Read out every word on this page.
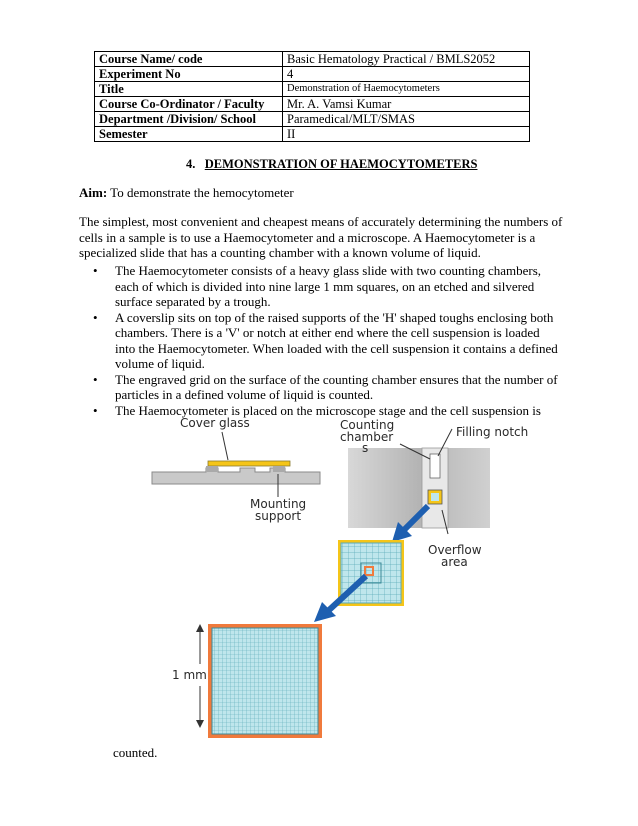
Course Name/ code	Basic Hematology Practical / BMLS2052
Experiment No	4
Title	Demonstration of Haemocytometers
Course Co-Ordinator / Faculty	Mr. A. Vamsi Kumar
Department /Division/ School	Paramedical/MLT/SMAS
Semester	II
4. DEMONSTRATION OF HAEMOCYTOMETERS
Aim: To demonstrate the hemocytometer

The simplest, most convenient and cheapest means of accurately determining the numbers of cells in a sample is to use a Haemocytometer and a microscope. A Haemocytometer is a specialized slide that has a counting chamber with a known volume of liquid.

• The Haemocytometer consists of a heavy glass slide with two counting chambers, each of which is divided into nine large 1 mm squares, on an etched and silvered surface separated by a trough.
• A coverslip sits on top of the raised supports of the 'H' shaped toughs enclosing both chambers. There is a 'V' or notch at either end where the cell suspension is loaded into the Haemocytometer. When loaded with the cell suspension it contains a defined volume of liquid.
• The engraved grid on the surface of the counting chamber ensures that the number of particles in a defined volume of liquid is counted.
• The Haemocytometer is placed on the microscope stage and the cell suspension is
Cover glass
Mounting
support
Counting
chamber
s
Filling notch
Overflow
area
1 mm
counted.
